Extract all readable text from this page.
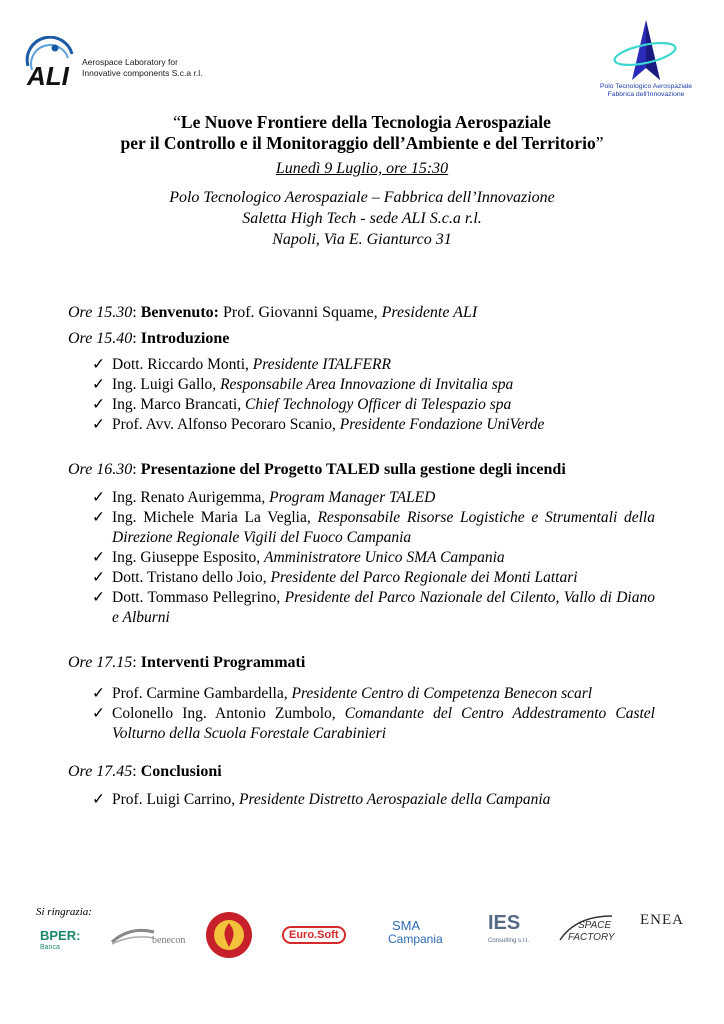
ALI Aerospace Laboratory for
Innovative components S.c.a r.l.
Polo Tecnologico Aerospaziale
Fabbrica dell'Innovazione
“Le Nuove Frontiere della Tecnologia Aerospaziale
per il Controllo e il Monitoraggio dell’Ambiente e del Territorio”
Lunedì 9 Luglio, ore 15:30
Polo Tecnologico Aerospaziale – Fabbrica dell’Innovazione
Saletta High Tech - sede ALI S.c.a r.l.
Napoli, Via E. Gianturco 31
Ore 15.30: Benvenuto: Prof. Giovanni Squame, Presidente ALI
Ore 15.40: Introduzione
✓ Dott. Riccardo Monti, Presidente ITALFERR
✓ Ing. Luigi Gallo, Responsabile Area Innovazione di Invitalia spa
✓ Ing. Marco Brancati, Chief Technology Officer di Telespazio spa
✓ Prof. Avv. Alfonso Pecoraro Scanio, Presidente Fondazione UniVerde
Ore 16.30: Presentazione del Progetto TALED sulla gestione degli incendi
✓ Ing. Renato Aurigemma, Program Manager TALED
✓ Ing. Michele Maria La Veglia, Responsabile Risorse Logistiche e Strumentali della Direzione Regionale Vigili del Fuoco Campania
✓ Ing. Giuseppe Esposito, Amministratore Unico SMA Campania
✓ Dott. Tristano dello Joio, Presidente del Parco Regionale dei Monti Lattari
✓ Dott. Tommaso Pellegrino, Presidente del Parco Nazionale del Cilento, Vallo di Diano e Alburni
Ore 17.15: Interventi Programmati
✓ Prof. Carmine Gambardella, Presidente Centro di Competenza Benecon scarl
✓ Colonello Ing. Antonio Zumbolo, Comandante del Centro Addestramento Castel Volturno della Scuola Forestale Carabinieri
Ore 17.45: Conclusioni
✓ Prof. Luigi Carrino, Presidente Distretto Aerospaziale della Campania
Si ringrazia:
BPER:
Banca
benecon	Euro.Soft
SMA
Campania
IES
Consulting s.r.l.
SPACE
FACTORY
ENEA
